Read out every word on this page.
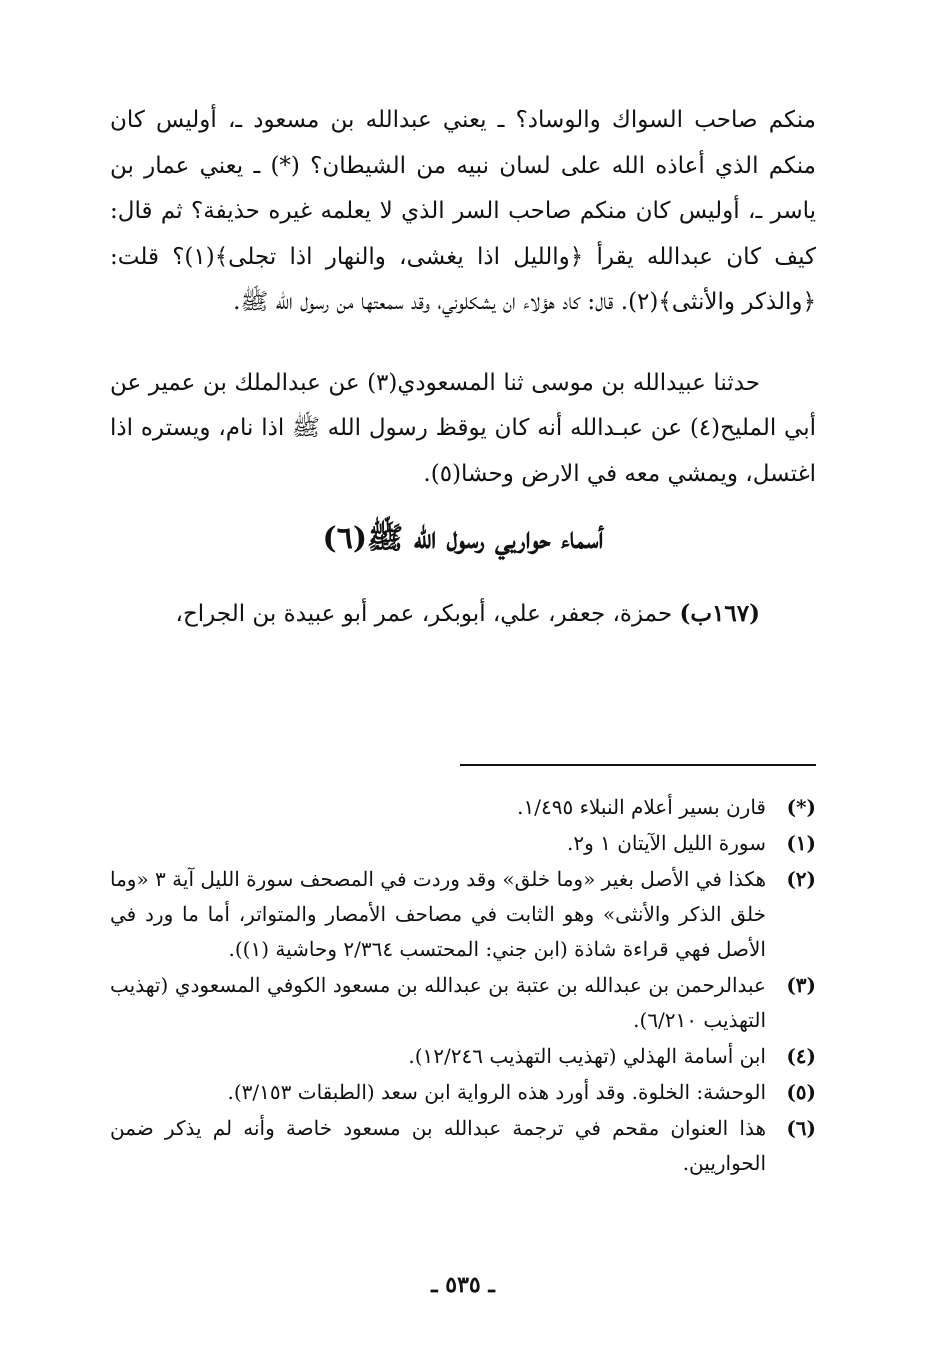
منكم صاحب السواك والوساد؟ ـ يعني عبدالله بن مسعود ـ، أوليس كان منكم الذي أعاذه الله على لسان نبيه من الشيطان؟ (*) ـ يعني عمار بن ياسر ـ، أوليس كان منكم صاحب السر الذي لا يعلمه غيره حذيفة؟ ثم قال: كيف كان عبدالله يقرأ ﴿والليل اذا يغشى، والنهار اذا تجلى﴾(١)؟ قلت: ﴿والذكر والأنثى﴾(٢). قال: كاد هؤلاء ان يشكلوني، وقد سمعتها من رسول الله ﷺ.

حدثنا عبيدالله بن موسى ثنا المسعودي(٣) عن عبدالملك بن عمير عن أبي المليح(٤) عن عبـدالله أنه كان يوقظ رسول الله ﷺ اذا نام، ويستره اذا اغتسل، ويمشي معه في الارض وحشا(٥).

أسماء حواريي رسول الله ﷺ(٦)

(١٦٧ب) حمزة، جعفر، علي، أبوبكر، عمر أبو عبيدة بن الجراح،

(*)
قارن بسير أعلام النبلاء ١/٤٩٥.
(١)
سورة الليل الآيتان ١ و٢.
(٢)
هكذا في الأصل بغير «وما خلق» وقد وردت في المصحف سورة الليل آية ٣ «وما خلق الذكر والأنثى» وهو الثابت في مصاحف الأمصار والمتواتر، أما ما ورد في الأصل فهي قراءة شاذة (ابن جني: المحتسب ٢/٣٦٤ وحاشية (١)).
(٣)
عبدالرحمن بن عبدالله بن عتبة بن عبدالله بن مسعود الكوفي المسعودي (تهذيب التهذيب ٦/٢١٠).
(٤)
ابن أسامة الهذلي (تهذيب التهذيب ١٢/٢٤٦).
(٥)
الوحشة: الخلوة. وقد أورد هذه الرواية ابن سعد (الطبقات ٣/١٥٣).
(٦)
هذا العنوان مقحم في ترجمة عبدالله بن مسعود خاصة وأنه لم يذكر ضمن الحواريين.
ـ ٥٣٥ ـ
